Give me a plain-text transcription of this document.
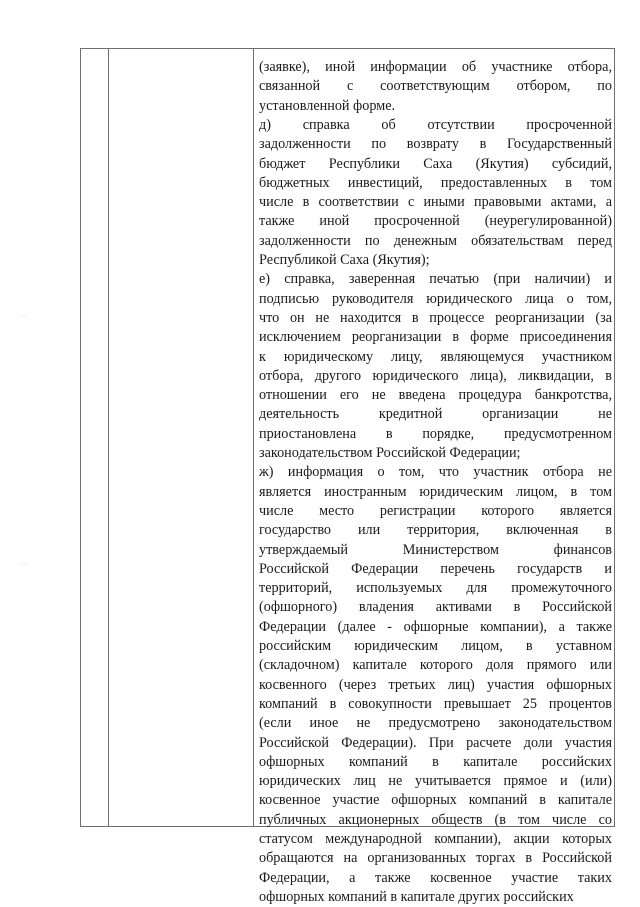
˙˙
˙˙
(заявке), иной информации об участнике отбора,
связанной с соответствующим отбором, по
установленной форме.
д) справка об отсутствии просроченной
задолженности по возврату в Государственный
бюджет Республики Саха (Якутия) субсидий,
бюджетных инвестиций, предоставленных в том
числе в соответствии с иными правовыми актами, а
также иной просроченной (неурегулированной)
задолженности по денежным обязательствам перед
Республикой Саха (Якутия);
е) справка, заверенная печатью (при наличии) и
подписью руководителя юридического лица о том,
что он не находится в процессе реорганизации (за
исключением реорганизации в форме присоединения
к юридическому лицу, являющемуся участником
отбора, другого юридического лица), ликвидации, в
отношении его не введена процедура банкротства,
деятельность кредитной организации не
приостановлена в порядке, предусмотренном
законодательством Российской Федерации;
ж) информация о том, что участник отбора не
является иностранным юридическим лицом, в том
числе место регистрации которого является
государство или территория, включенная в
утверждаемый Министерством финансов
Российской Федерации перечень государств и
территорий, используемых для промежуточного
(офшорного) владения активами в Российской
Федерации (далее - офшорные компании), а также
российским юридическим лицом, в уставном
(складочном) капитале которого доля прямого или
косвенного (через третьих лиц) участия офшорных
компаний в совокупности превышает 25 процентов
(если иное не предусмотрено законодательством
Российской Федерации). При расчете доли участия
офшорных компаний в капитале российских
юридических лиц не учитывается прямое и (или)
косвенное участие офшорных компаний в капитале
публичных акционерных обществ (в том числе со
статусом международной компании), акции которых
обращаются на организованных торгах в Российской
Федерации, а также косвенное участие таких
офшорных компаний в капитале других российских
